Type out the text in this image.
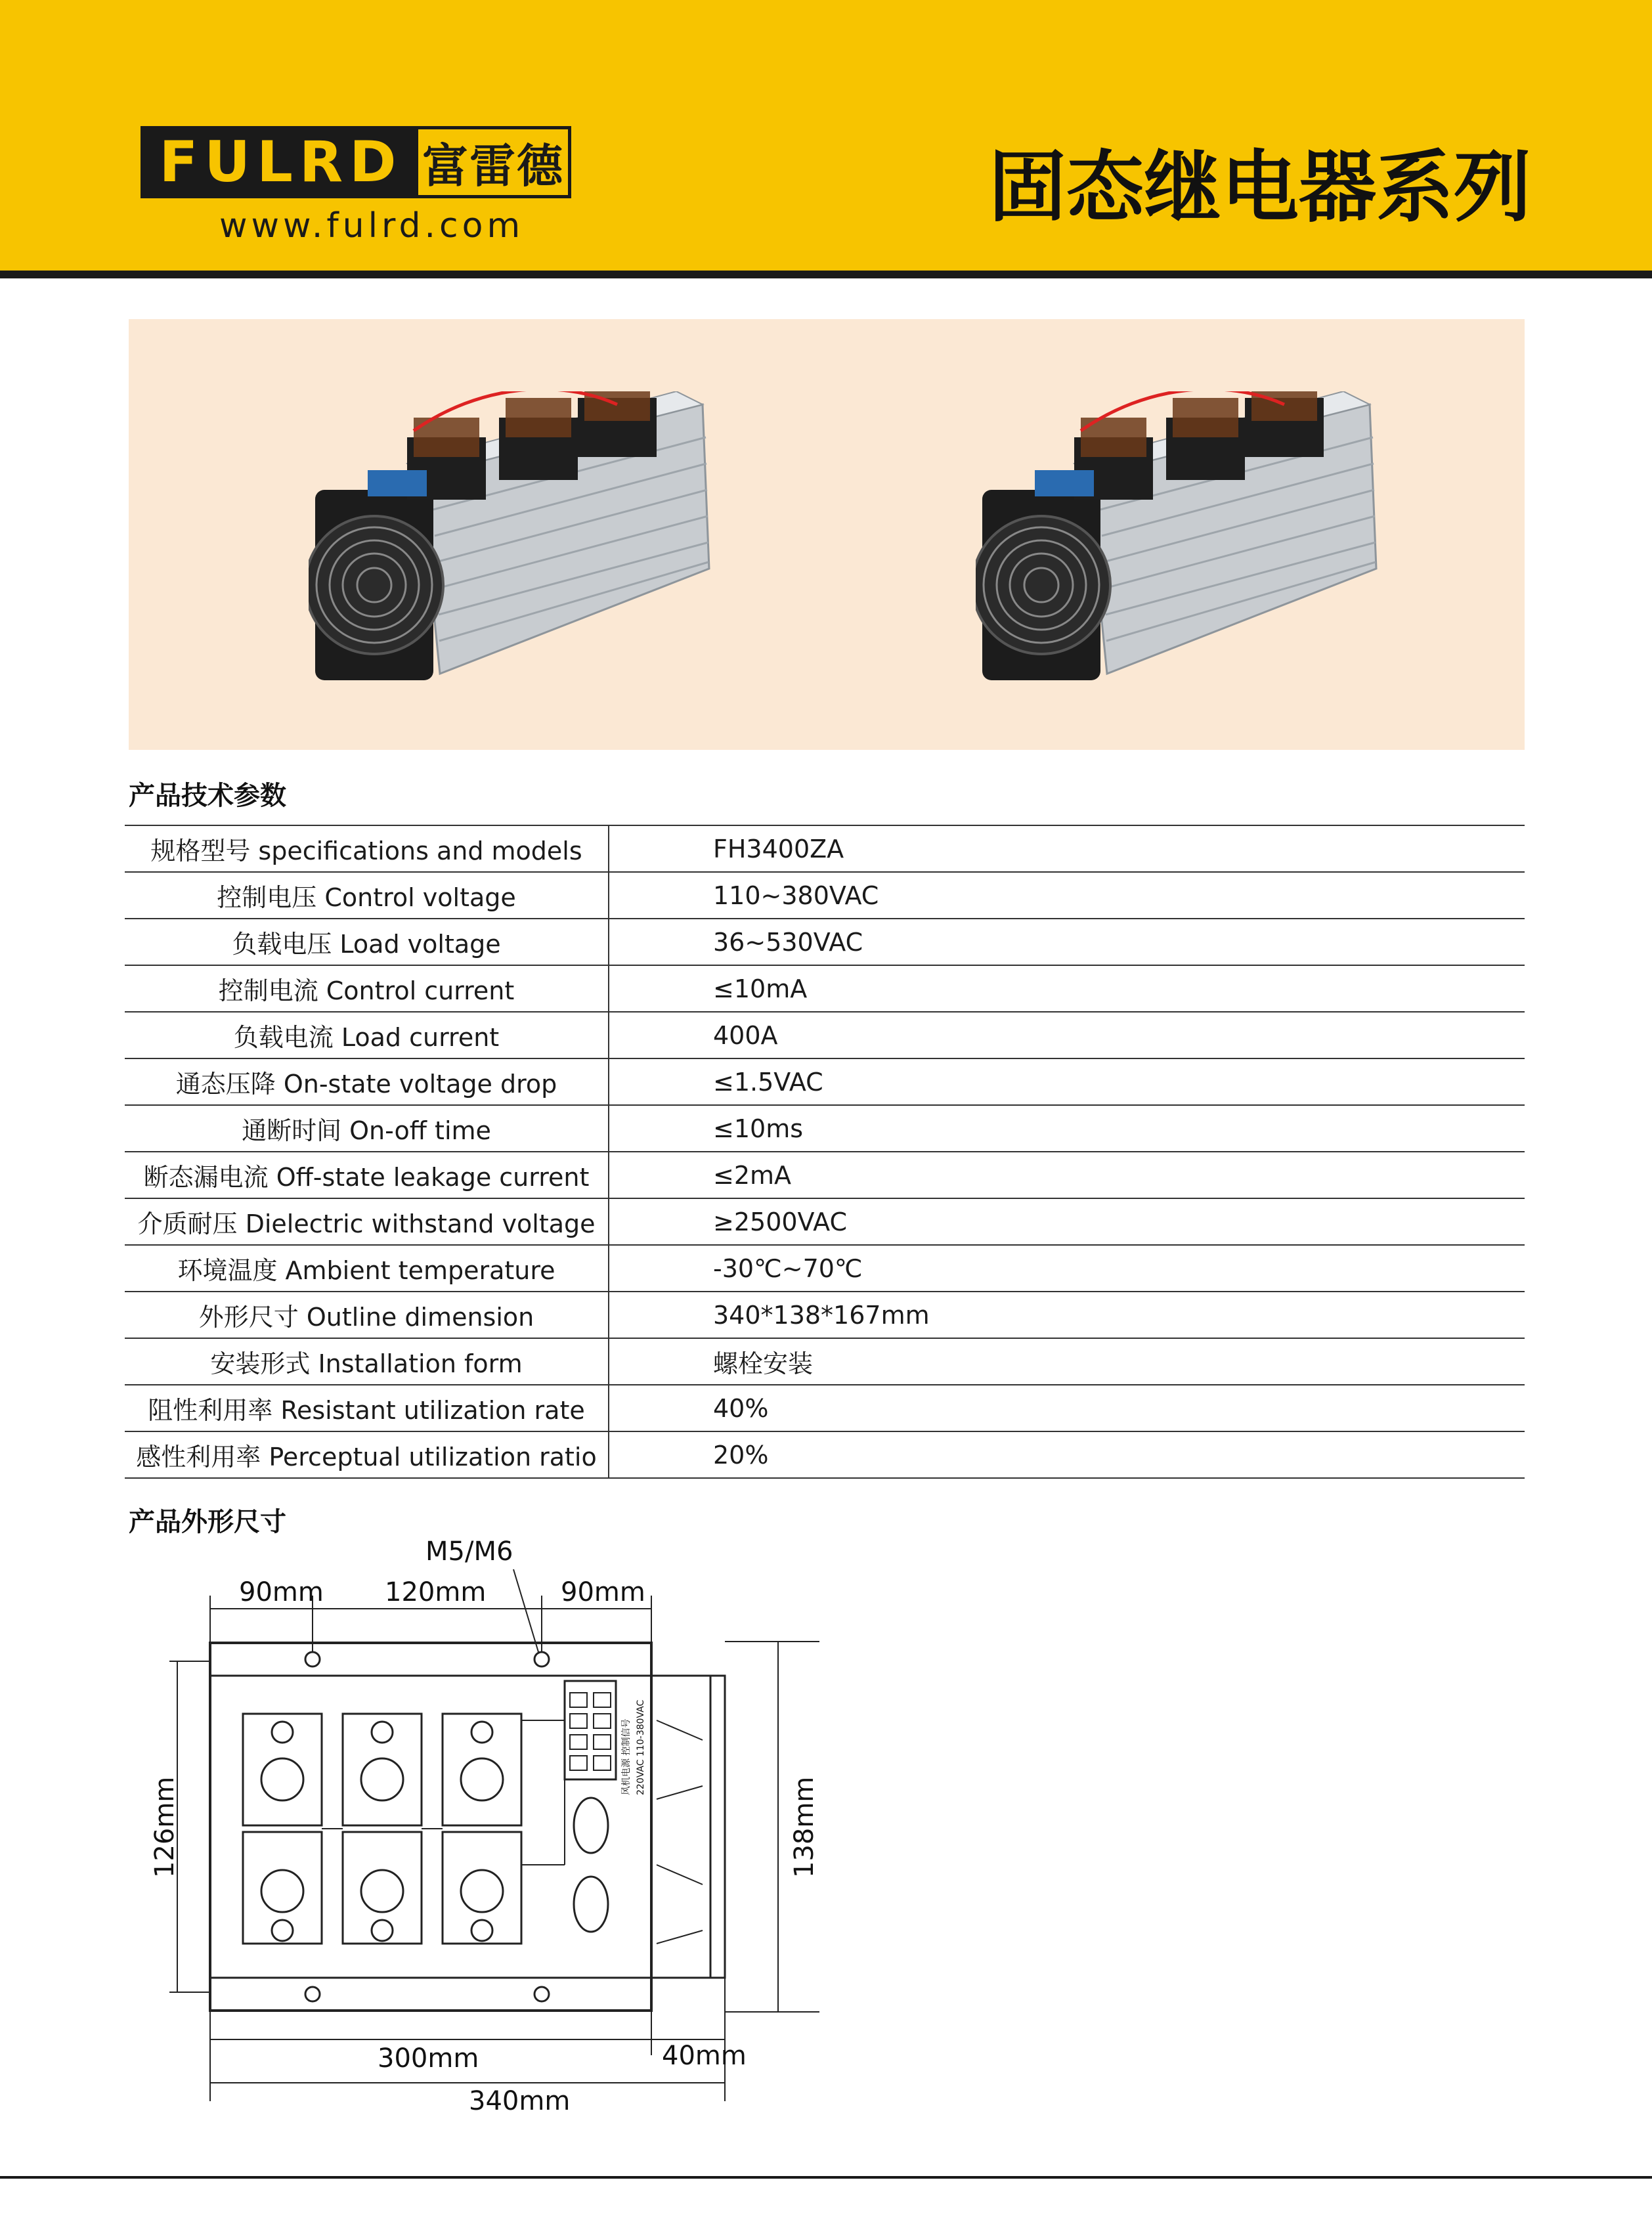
FULRD 富雷德
www.fulrd.com	固态继电器系列
产品技术参数
规格型号 specifications and models	FH3400ZA
控制电压 Control voltage	110~380VAC
负载电压 Load voltage	36~530VAC
控制电流 Control current	≤10mA
负载电流 Load current	400A
通态压降 On-state voltage drop	≤1.5VAC
通断时间 On-off time	≤10ms
断态漏电流 Off-state leakage current	≤2mA
介质耐压 Dielectric withstand voltage	≥2500VAC
环境温度 Ambient temperature	-30℃~70℃
外形尺寸 Outline dimension	340*138*167mm
安装形式 Installation form	螺栓安装
阻性利用率 Resistant utilization rate	40%
感性利用率 Perceptual utilization ratio	20%
产品外形尺寸
90mm 120mm	90mm
M5/M6
126mm	138mm
300mm	40mm
340mm
风机电源 控制信号 220VAC 110-380VAC
